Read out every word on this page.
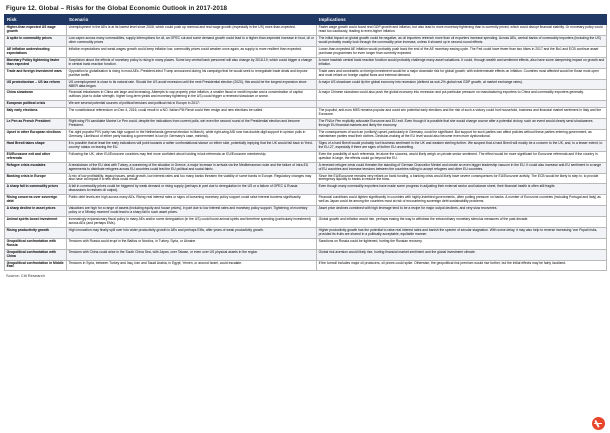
Figure 12. Global – Risks for the Global Economic Outlook in 2017-2018
Risk	Scenario	Implications
Higher-than expected US wage growth	Unemployment in the AEs is at its lowest level since 2008, which could push up nominal and real wage growth (especially in the US) more-than-expected.	Faster wage growth could boost real GDP growth and inflation, but also lead to more monetary tightening than is currently priced, which could disrupt financial stability. Or monetary policy could react too cautiously, leading to even-higher inflation.
A spike in commodity prices	Low capex across many commodities, supply interruptions for oil, an OPEC cut and some demand growth could lead to a higher-than-expected increase in food, oil or other commodity prices	The initial impact on global growth could be negative, as oil importers retrench more than oil exporters increase spending. Across AEs, central banks of commodity importers (including the US) would probably mostly look through the commodity price increase, unless it showed up in second-round effects.
AE inflation undershooting expectations	Inflation expectations and weak wages growth could keep inflation low, commodity prices could weaken once again, as supply is more resilient than expected.	Lower-than-expected AE inflation would probably push back the end of the AE monetary easing cycle. The Fed could have fewer than two hikes in 2017 and the BoJ and ECB continue asset purchase programmes for even longer than currently expected
Monetary Policy tightening faster than expected	Scepticism about the effects of monetary policy is rising in many places. Some key central bank personnel will also change by 2018-19, which could trigger a change in central bank reaction function.	A more hawkish central bank reaction function would probably challenge many asset valuations. It could, through wealth and sentiment effects, also have some dampening impact on growth and inflation.
Trade and foreign investment wars	Opposition to globalisation is rising in most AEs. President-elect Trump announced during his campaign that he would seek to renegotiate trade deals and impose punitive tariffs.	Trade wars and constraints on foreign investment would be a major downside risk for global growth, with indeterminate effects on inflation. Countries most affected would be those most open and most reliant on foreign capital flows and external demand.
US protectionism – US tax reform	US unemployment is close to its natural rate. Should the US avoid recession until the next Presidential election (2020), this would be the longest expansion since NBER data began.	A major US slowdown could tip the global economy into recession (defined as sub-2% global real GDP growth, at market exchange rates).
China slowdown	Financial imbalances in China are large and increasing. Attempts to cap property price inflation, a smaller fiscal or credit impulse and a concentration of capital outflows (due to dollar strength, higher long-term yields and monetary tightening in the US) could trigger a renewed slowdown or worse.	A major Chinese slowdown could also push the global economy into recession and put particular pressure on manufacturing exporters to China and commodity exporters generally.
European political crisis	We see several potential sources of political tensions and political risk in Europe in 2017:	
Italy early elections	The constitutional referendum on Dec 4, 2016, could result in a NO. Italian PM Renzi could then resign and new elections be called.	The populist, anti-euro M5S remains popular and could win potential early elections and the risk of such a victory could hurt household, business and financial market sentiment in Italy and the Eurozone.
Le Pen as French President	Right-wing FN candidate Marine Le Pen could, despite the indications from current polls, win even the second round of the Presidential election and become President.	The FN/Le Pen explicitly advocate Eurozone and EU exit. Even though it is possible that she would change course after a potential victory, such an event would clearly send shockwaves through EU financial markets and likely the economy.
Upset in other European elections	Far-right populist PVV party has high support in the Netherlands (general election in March), while right-wing AfD now has double-digit support in opinion polls in Germany. Likelihood of either party backing a government is low (in Germany's case, minimal).	The consequences of such an (unlikely) upset, particularly in Germany, could be significant. But support for such parties can affect policies without these parties entering government, as mainstream parties read their clothes. Decision-making at the EU level would also become even more dysfunctional.
Hard Brexit takes shape	It is possible that at least the early indications will point towards a rather confrontational stance on either side, potentially implying that the UK would fall back to 'third-country' status on leaving the EU.	Signs of a hard Brexit would probably hurt business sentiment in the UK and weaken sterling further. We suspect that a hard Brexit will mostly be a concern to the UK, and, to a lesser extent, to the EU-27, especially if there are signs of further EU unravelling.
EU/Eurozone exit and other referenda	Following the UK, other EU/Eurozone countries may feel more confident about holding in/out referenda on EU/Eurozone membership.	Even the possibility of such referenda, let alone the success, would likely weigh on private sector sentiment. The effect would be more significant for Eurozone referenda and if the country in question is large, the effects could go beyond the EU.
Refugee crisis escalates	A breakdown of the EU deal with Turkey, a worsening of the situation in Greece, a major increase in arrivals via the Mediterranean route and the failure of intra-EU agreements to distribute refugees across EU countries could test the EU political and social fabric.	A renewed refugee crisis could threaten the standing of German Chancellor Merkel and create an even bigger leadership vacuum in the EU. It could also increase anti-EU sentiment in a range of EU countries and increase tensions between the countries willing to accept refugees and other EU countries.
Banking crisis in Europe	A mix of low profitability, legacy issues, weak growth, low interest rates and too many banks threaten the viability of some banks in Europe. Regulatory changes may also have an impact if a new crisis could result.	Since the EU/Eurozone remains very reliant on bank funding, a banking crisis would likely have severe consequences for EU/Eurozone activity. The ECB would be likely to step in, to provide emergency liquidity to banks to reduce the blow.
A sharp fall in commodity prices	A fall in commodity prices could be triggered by weak demand or rising supply (perhaps in part due to deregulation in the US or a failure of OPEC & Russia discussions to restrain oil output).	Even though many commodity exporters have made some progress in adjusting their external sector and balance sheet, their financial health is often still fragile.
Rising concerns over sovereign debt	Public debt levels are high across many AEs. Rising real interest rates or signs of loosening monetary policy support could raise interest burdens significantly.	Financial conditions could tighten significantly in countries with highly-indebted governments, often putting pressure on banks. A number of Eurozone countries (including Portugal and Italy) as well as Japan could be among the countries most at risk of encountering sovereign debt sustainability problems.
A sharp decline in asset prices	Valuations are high for a range of assets (including equity and house prices), in part due to low interest rates and monetary policy support. Tightening of monetary policy or a 'Minsky moment' could lead to a sharp fall in such asset prices.	Asset price declines combined with high leverage tend to be a recipe for major output declines, and very slow recoveries.
Animal spirits boost investment	Increasingly expansionary fiscal policy in many AEs and/or some deregulation (in the US) could boost animal spirits and therefore spending (particularly investment) across AEs (and perhaps EMs).	Global growth and inflation would rise, perhaps easing the way to withdraw the extraordinary monetary stimulus measures of the past decade.
Rising productivity growth	High innovation may finally spill over into wider productivity growth in AEs and perhaps EMs, after years of weak productivity growth.	Higher productivity growth has the potential to raise real interest rates and banish the spectre of secular stagnation. With some delay, it may also help to reverse increasing 'von Popali risks, provided its fruits are shared in a politically acceptable, equitable manner.
Geopolitical confrontation with Russia	Tensions with Russia could erupt in the Baltics or Nordics, in Turkey, Syria, or Ukraine.	Sanctions on Russia could be tightened, hurting the Russian recovery.
Geopolitical confrontation with China	Tensions with China could arise in the South China Sea, with Japan, over Taiwan, or even over US physical assets in the region.	Global risk aversion would likely rise, hurting financial market sentiment and the global investment climate.
Geopolitical confrontation in Middle East	Tensions in Syria, between Turkey and Iraq, Iran and Saudi Arabia, in Egypt, Yemen, or around Israel, could escalate.	If the turmoil includes major oil producers, oil prices could spike. Otherwise, the geopolitical risk premium would rise further, but the initial effects may be fairly localized.
Source: Citi Research
